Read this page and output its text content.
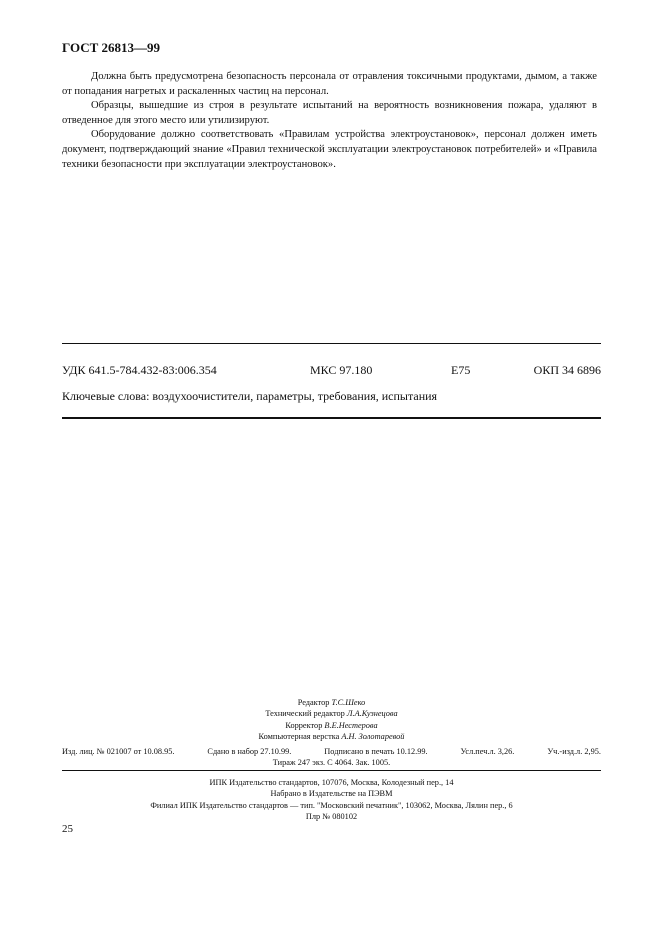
ГОСТ 26813—99

Должна быть предусмотрена безопасность персонала от отравления токсичными продуктами, дымом, а также от попадания нагретых и раскаленных частиц на персонал.

Образцы, вышедшие из строя в результате испытаний на вероятность возникновения пожара, удаляют в отведенное для этого место или утилизируют.

Оборудование должно соответствовать «Правилам устройства электроустановок», персонал должен иметь документ, подтверждающий знание «Правил технической эксплуатации электроустановок потребителей» и «Правила техники безопасности при эксплуатации электроустановок».

УДК 641.5-784.432-83:006.354	МКС 97.180	Е75	ОКП 34 6896
Ключевые слова: воздухоочистители, параметры, требования, испытания
Редактор Т.С.Шеко
Технический редактор Л.А.Кузнецова
Корректор В.Е.Нестерова
Компьютерная верстка А.Н. Золотаревой
Изд. лиц. № 021007 от 10.08.95.	Сдано в набор 27.10.99.	Подписано в печать 10.12.99.	Усл.печ.л. 3,26.	Уч.-изд.л. 2,95.
Тираж 247 экз. С 4064. Зак. 1005.
ИПК Издательство стандартов, 107076, Москва, Колодезный пер., 14
Набрано в Издательстве на ПЭВМ
Филиал ИПК Издательство стандартов — тип. "Московский печатник", 103062, Москва, Лялин пер., 6
Плр № 080102
25
